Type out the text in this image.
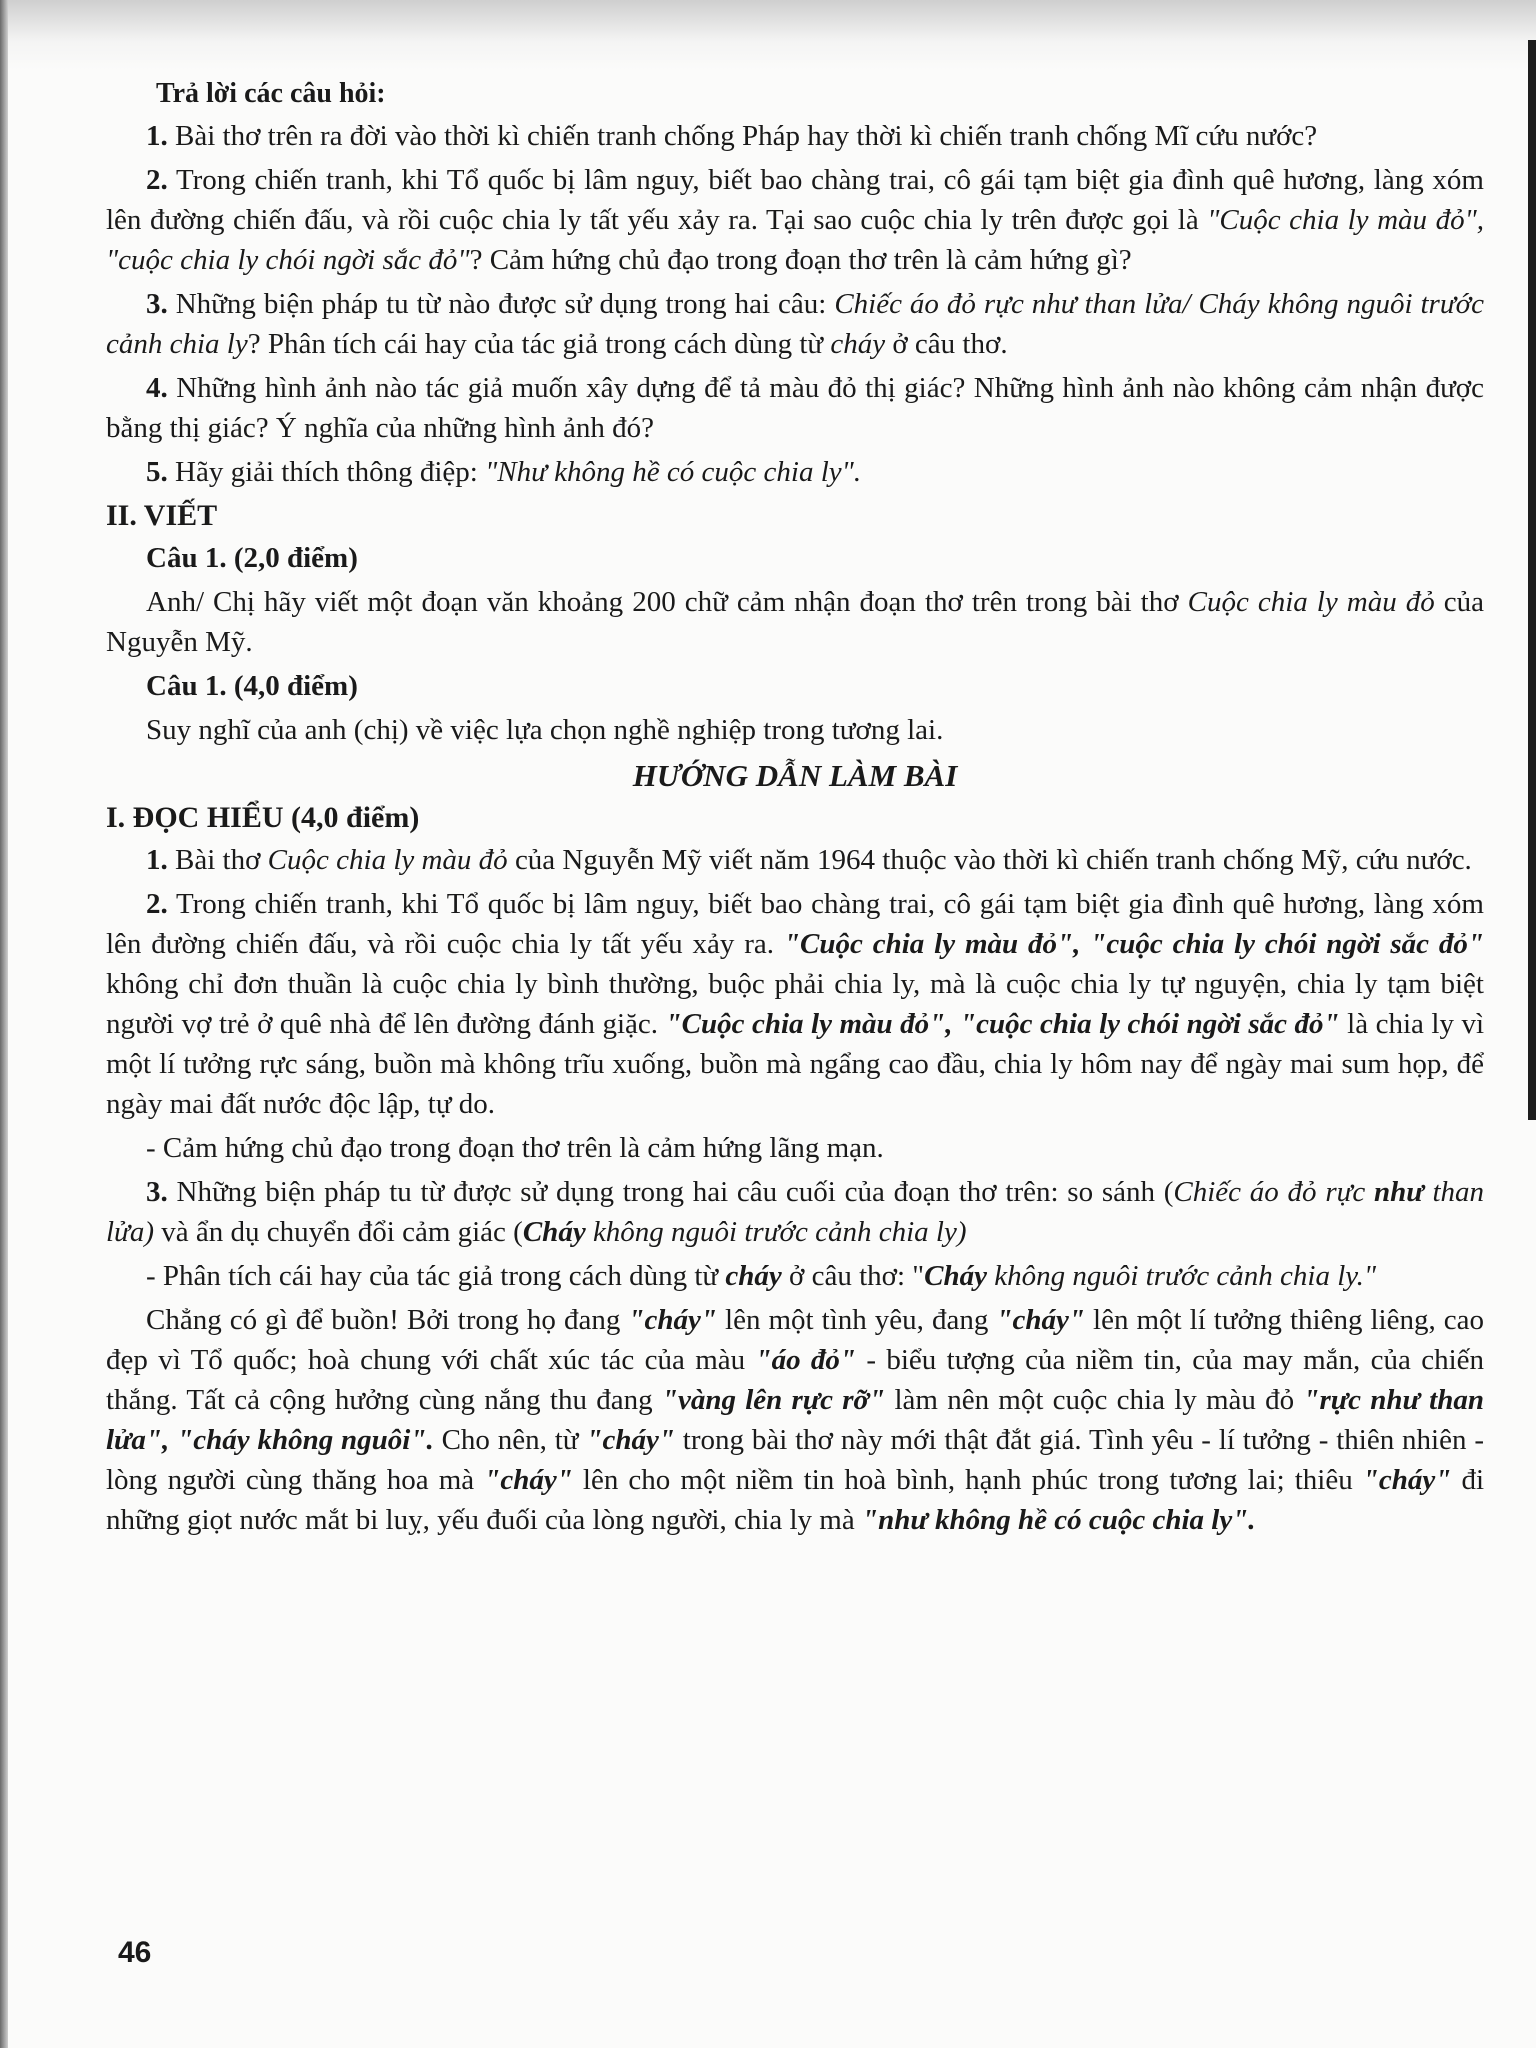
Trả lời các câu hỏi:

1. Bài thơ trên ra đời vào thời kì chiến tranh chống Pháp hay thời kì chiến tranh chống Mĩ cứu nước?

2. Trong chiến tranh, khi Tổ quốc bị lâm nguy, biết bao chàng trai, cô gái tạm biệt gia đình quê hương, làng xóm lên đường chiến đấu, và rồi cuộc chia ly tất yếu xảy ra. Tại sao cuộc chia ly trên được gọi là "Cuộc chia ly màu đỏ", "cuộc chia ly chói ngời sắc đỏ"? Cảm hứng chủ đạo trong đoạn thơ trên là cảm hứng gì?

3. Những biện pháp tu từ nào được sử dụng trong hai câu: Chiếc áo đỏ rực như than lửa/ Cháy không nguôi trước cảnh chia ly? Phân tích cái hay của tác giả trong cách dùng từ cháy ở câu thơ.

4. Những hình ảnh nào tác giả muốn xây dựng để tả màu đỏ thị giác? Những hình ảnh nào không cảm nhận được bằng thị giác? Ý nghĩa của những hình ảnh đó?

5. Hãy giải thích thông điệp: "Như không hề có cuộc chia ly".

II. VIẾT

Câu 1. (2,0 điểm)

Anh/ Chị hãy viết một đoạn văn khoảng 200 chữ cảm nhận đoạn thơ trên trong bài thơ Cuộc chia ly màu đỏ của Nguyễn Mỹ.

Câu 1. (4,0 điểm)

Suy nghĩ của anh (chị) về việc lựa chọn nghề nghiệp trong tương lai.

HƯỚNG DẪN LÀM BÀI

I. ĐỌC HIỂU (4,0 điểm)

1. Bài thơ Cuộc chia ly màu đỏ của Nguyễn Mỹ viết năm 1964 thuộc vào thời kì chiến tranh chống Mỹ, cứu nước.

2. Trong chiến tranh, khi Tổ quốc bị lâm nguy, biết bao chàng trai, cô gái tạm biệt gia đình quê hương, làng xóm lên đường chiến đấu, và rồi cuộc chia ly tất yếu xảy ra. "Cuộc chia ly màu đỏ", "cuộc chia ly chói ngời sắc đỏ" không chỉ đơn thuần là cuộc chia ly bình thường, buộc phải chia ly, mà là cuộc chia ly tự nguyện, chia ly tạm biệt người vợ trẻ ở quê nhà để lên đường đánh giặc. "Cuộc chia ly màu đỏ", "cuộc chia ly chói ngời sắc đỏ" là chia ly vì một lí tưởng rực sáng, buồn mà không trĩu xuống, buồn mà ngẩng cao đầu, chia ly hôm nay để ngày mai sum họp, để ngày mai đất nước độc lập, tự do.

- Cảm hứng chủ đạo trong đoạn thơ trên là cảm hứng lãng mạn.

3. Những biện pháp tu từ được sử dụng trong hai câu cuối của đoạn thơ trên: so sánh (Chiếc áo đỏ rực như than lửa) và ẩn dụ chuyển đổi cảm giác (Cháy không nguôi trước cảnh chia ly)

- Phân tích cái hay của tác giả trong cách dùng từ cháy ở câu thơ: "Cháy không nguôi trước cảnh chia ly."

Chẳng có gì để buồn! Bởi trong họ đang "cháy" lên một tình yêu, đang "cháy" lên một lí tưởng thiêng liêng, cao đẹp vì Tổ quốc; hoà chung với chất xúc tác của màu "áo đỏ" - biểu tượng của niềm tin, của may mắn, của chiến thắng. Tất cả cộng hưởng cùng nắng thu đang "vàng lên rực rỡ" làm nên một cuộc chia ly màu đỏ "rực như than lửa", "cháy không nguôi". Cho nên, từ "cháy" trong bài thơ này mới thật đắt giá. Tình yêu - lí tưởng - thiên nhiên - lòng người cùng thăng hoa mà "cháy" lên cho một niềm tin hoà bình, hạnh phúc trong tương lai; thiêu "cháy" đi những giọt nước mắt bi luỵ, yếu đuối của lòng người, chia ly mà "như không hề có cuộc chia ly".

46
